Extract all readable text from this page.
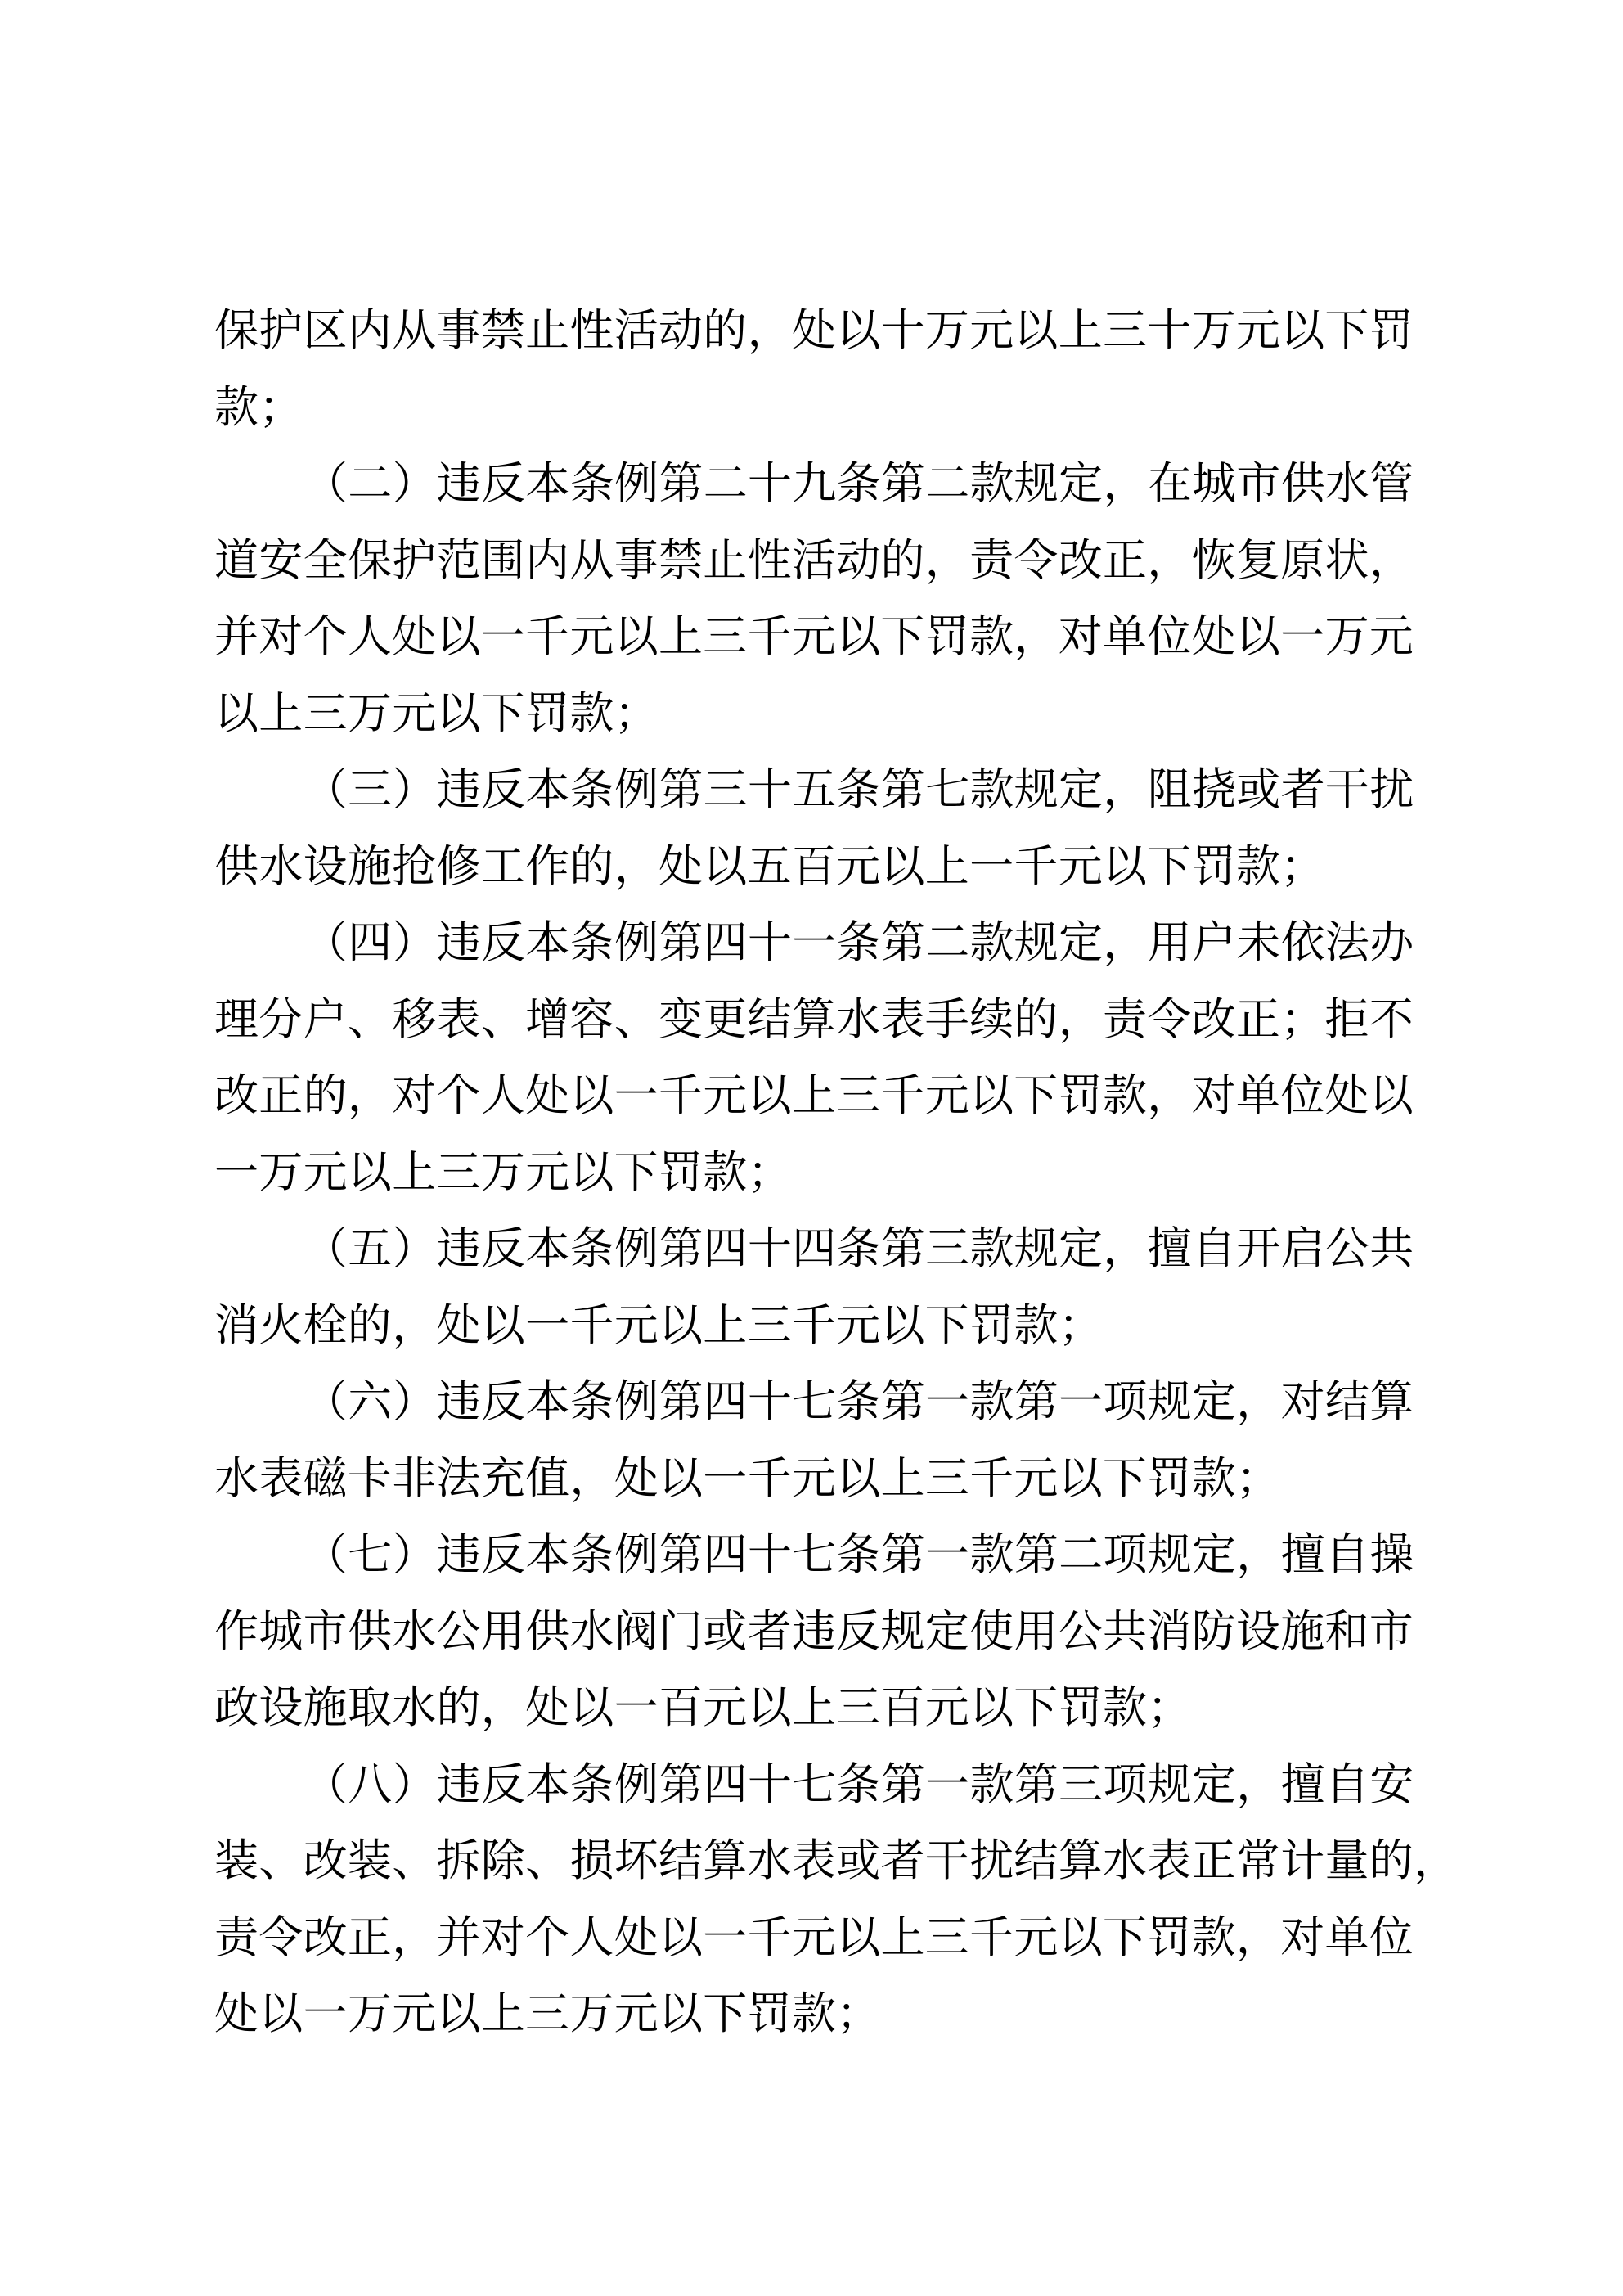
保护区内从事禁止性活动的，处以十万元以上三十万元以下罚
款；
（二）违反本条例第二十九条第二款规定，在城市供水管
道安全保护范围内从事禁止性活动的，责令改正，恢复原状，
并对个人处以一千元以上三千元以下罚款，对单位处以一万元
以上三万元以下罚款；
（三）违反本条例第三十五条第七款规定，阻挠或者干扰
供水设施抢修工作的，处以五百元以上一千元以下罚款；
（四）违反本条例第四十一条第二款规定，用户未依法办
理分户、移表、增容、变更结算水表手续的，责令改正；拒不
改正的，对个人处以一千元以上三千元以下罚款，对单位处以
一万元以上三万元以下罚款；
（五）违反本条例第四十四条第三款规定，擅自开启公共
消火栓的，处以一千元以上三千元以下罚款；
（六）违反本条例第四十七条第一款第一项规定，对结算
水表磁卡非法充值，处以一千元以上三千元以下罚款；
（七）违反本条例第四十七条第一款第二项规定，擅自操
作城市供水公用供水阀门或者违反规定使用公共消防设施和市
政设施取水的，处以一百元以上三百元以下罚款；
（八）违反本条例第四十七条第一款第三项规定，擅自安
装、改装、拆除、损坏结算水表或者干扰结算水表正常计量的，
责令改正，并对个人处以一千元以上三千元以下罚款，对单位
处以一万元以上三万元以下罚款；
